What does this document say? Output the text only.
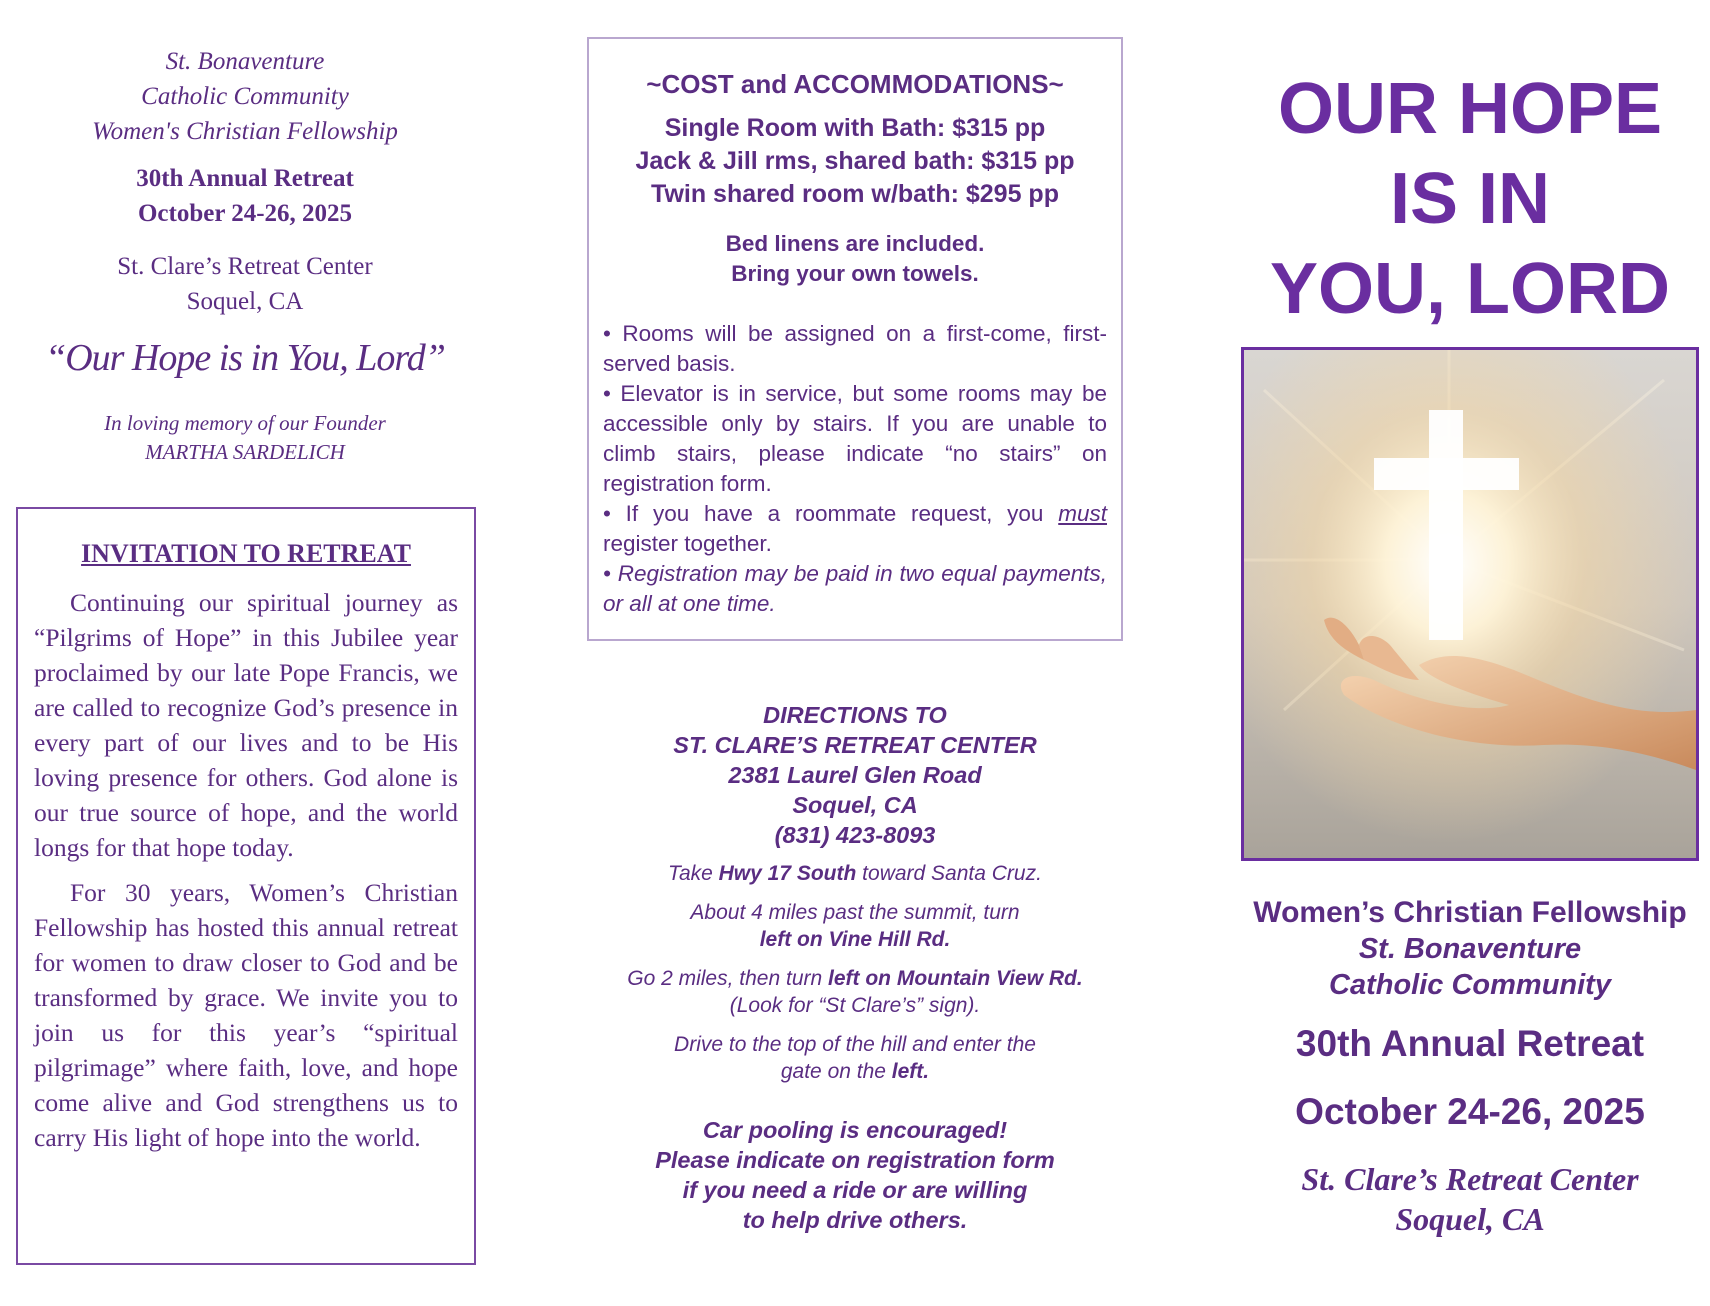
St. Bonaventure
Catholic Community
Women's Christian Fellowship
30th Annual Retreat
October 24-26, 2025
St. Clare’s Retreat Center
Soquel, CA
“Our Hope is in You, Lord”
In loving memory of our Founder
MARTHA SARDELICH
INVITATION TO RETREAT

Continuing our spiritual journey as “Pilgrims of Hope” in this Jubilee year proclaimed by our late Pope Francis, we are called to recognize God’s presence in every part of our lives and to be His loving presence for others. God alone is our true source of hope, and the world longs for that hope today.

For 30 years, Women’s Christian Fellowship has hosted this annual retreat for women to draw closer to God and be transformed by grace. We invite you to join us for this year’s “spiritual pilgrimage” where faith, love, and hope come alive and God strengthens us to carry His light of hope into the world.

~COST and ACCOMMODATIONS~
Single Room with Bath: $315 pp
Jack & Jill rms, shared bath: $315 pp
Twin shared room w/bath: $295 pp
Bed linens are included.
Bring your own towels.

• Rooms will be assigned on a first-come, first-served basis.

• Elevator is in service, but some rooms may be accessible only by stairs. If you are unable to climb stairs, please indicate “no stairs” on registration form.

• If you have a roommate request, you must register together.

• Registration may be paid in two equal payments, or all at one time.

DIRECTIONS TO
ST. CLARE’S RETREAT CENTER
2381 Laurel Glen Road
Soquel, CA
(831) 423-8093
Take Hwy 17 South toward Santa Cruz.
About 4 miles past the summit, turn
left on Vine Hill Rd.
Go 2 miles, then turn left on Mountain View Rd.
(Look for “St Clare’s” sign).
Drive to the top of the hill and enter the
gate on the left.
Car pooling is encouraged!
Please indicate on registration form
if you need a ride or are willing
to help drive others.
OUR HOPE
IS IN
YOU, LORD
Women’s Christian Fellowship
St. Bonaventure
Catholic Community
30th Annual Retreat
October 24-26, 2025
St. Clare’s Retreat Center
Soquel, CA
